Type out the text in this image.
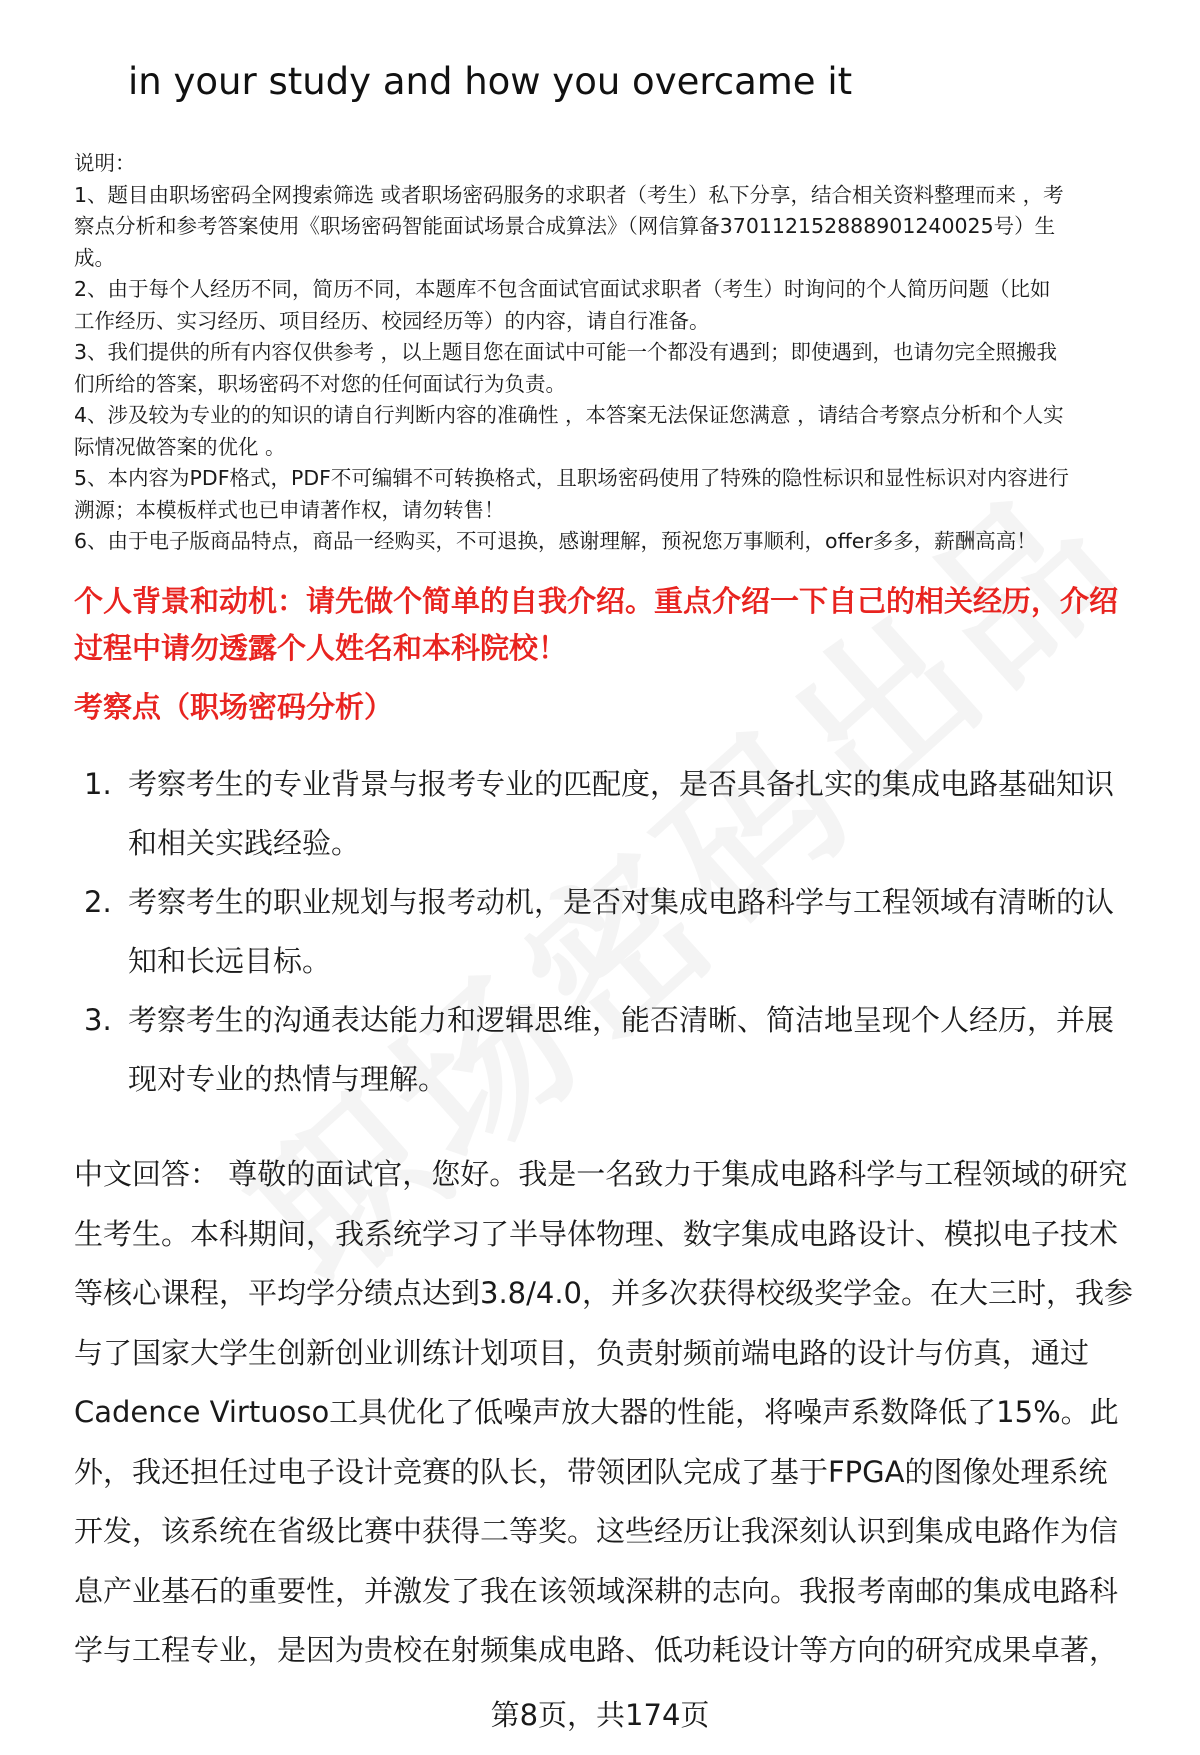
in your study and how you overcame it
说明：
1、题目由职场密码全网搜索筛选 或者职场密码服务的求职者（考生）私下分享，结合相关资料整理而来 ，考
察点分析和参考答案使用《职场密码智能面试场景合成算法》（网信算备370112152888901240025号）生
成。
2、由于每个人经历不同，简历不同，本题库不包含面试官面试求职者（考生）时询问的个人简历问题（比如
工作经历、实习经历、项目经历、校园经历等）的内容，请自行准备。
3、我们提供的所有内容仅供参考 ，以上题目您在面试中可能一个都没有遇到；即使遇到，也请勿完全照搬我
们所给的答案，职场密码不对您的任何面试行为负责。
4、涉及较为专业的的知识的请自行判断内容的准确性 ，本答案无法保证您满意 ，请结合考察点分析和个人实
际情况做答案的优化 。
5、本内容为PDF格式，PDF不可编辑不可转换格式，且职场密码使用了特殊的隐性标识和显性标识对内容进行
溯源；本模板样式也已申请著作权，请勿转售！
6、由于电子版商品特点，商品一经购买，不可退换，感谢理解，预祝您万事顺利，offer多多，薪酬高高！
个人背景和动机：请先做个简单的自我介绍。重点介绍一下自己的相关经历，介绍
过程中请勿透露个人姓名和本科院校！
考察点（职场密码分析）
1. 考察考生的专业背景与报考专业的匹配度，是否具备扎实的集成电路基础知识
和相关实践经验。
2. 考察考生的职业规划与报考动机，是否对集成电路科学与工程领域有清晰的认
知和长远目标。
3. 考察考生的沟通表达能力和逻辑思维，能否清晰、简洁地呈现个人经历，并展
现对专业的热情与理解。
中文回答： 尊敬的面试官，您好。我是一名致力于集成电路科学与工程领域的研究
生考生。本科期间，我系统学习了半导体物理、数字集成电路设计、模拟电子技术
等核心课程，平均学分绩点达到3.8/4.0，并多次获得校级奖学金。在大三时，我参
与了国家大学生创新创业训练计划项目，负责射频前端电路的设计与仿真，通过
Cadence Virtuoso工具优化了低噪声放大器的性能，将噪声系数降低了15%。此
外，我还担任过电子设计竞赛的队长，带领团队完成了基于FPGA的图像处理系统
开发，该系统在省级比赛中获得二等奖。这些经历让我深刻认识到集成电路作为信
息产业基石的重要性，并激发了我在该领域深耕的志向。我报考南邮的集成电路科
学与工程专业，是因为贵校在射频集成电路、低功耗设计等方向的研究成果卓著，
第8页，共174页
